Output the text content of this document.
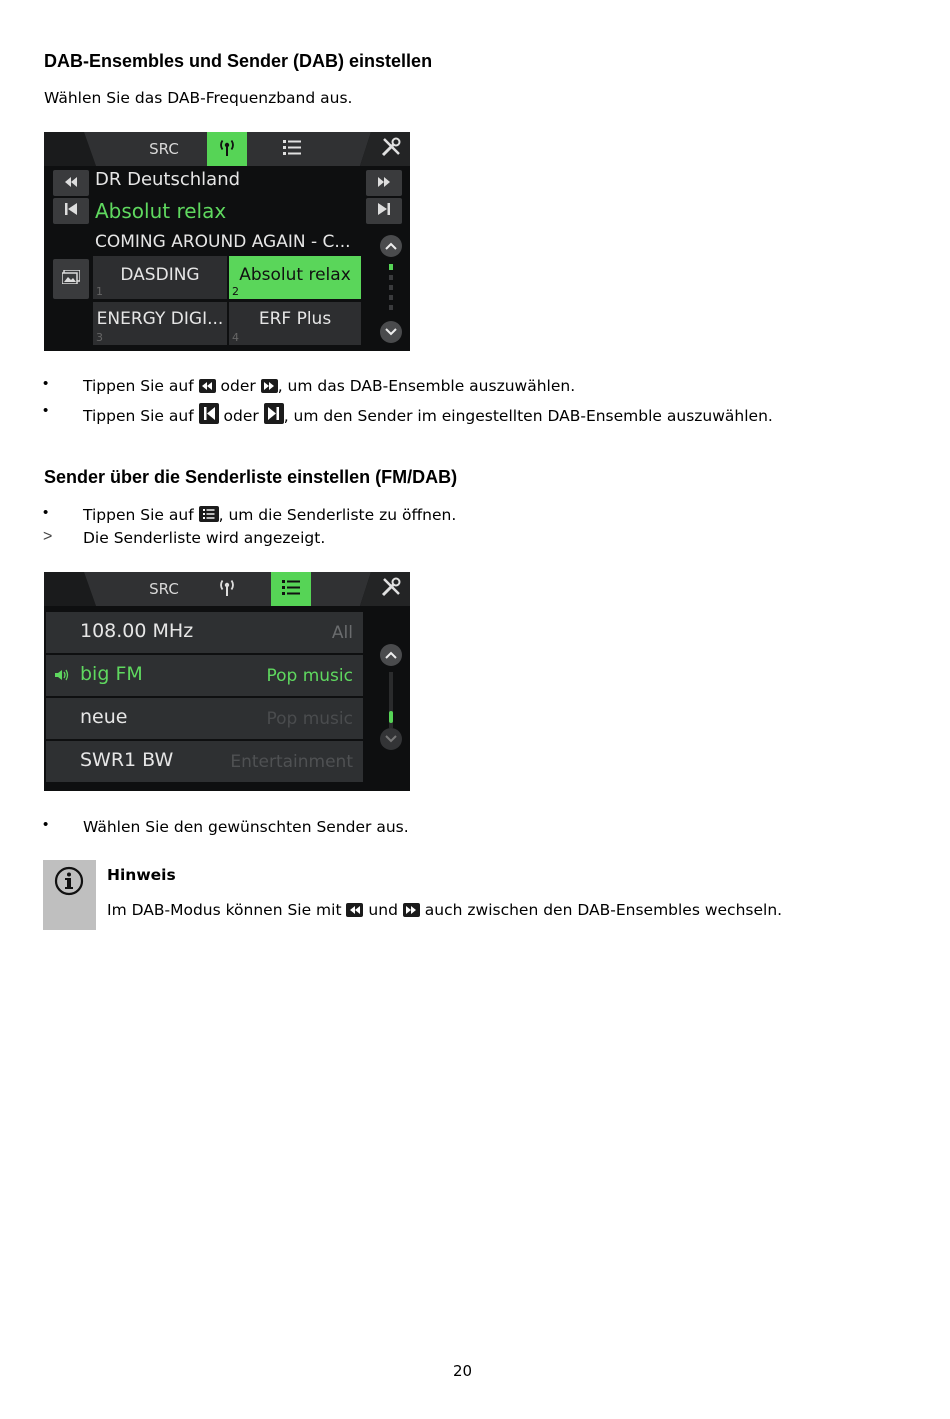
DAB-Ensembles und Sender (DAB) einstellen
Wählen Sie das DAB-Frequenzband aus.
SRC
DR Deutschland
Absolut relax
COMING AROUND AGAIN - C...
DASDING
1
Absolut relax
2
ENERGY DIGI...
3
ERF Plus
4
• Tippen Sie auf oder , um das DAB-Ensemble auszuwählen.
• Tippen Sie auf oder , um den Sender im eingestellten DAB-Ensemble auszuwählen.
Sender über die Senderliste einstellen (FM/DAB)
• Tippen Sie auf , um die Senderliste zu öffnen.
> Die Senderliste wird angezeigt.
SRC
108.00 MHz	All
big FM	Pop music
neue	Pop music
SWR1 BW	Entertainment
• Wählen Sie den gewünschten Sender aus.
Hinweis
Im DAB-Modus können Sie mit und auch zwischen den DAB-Ensembles wechseln.
20
